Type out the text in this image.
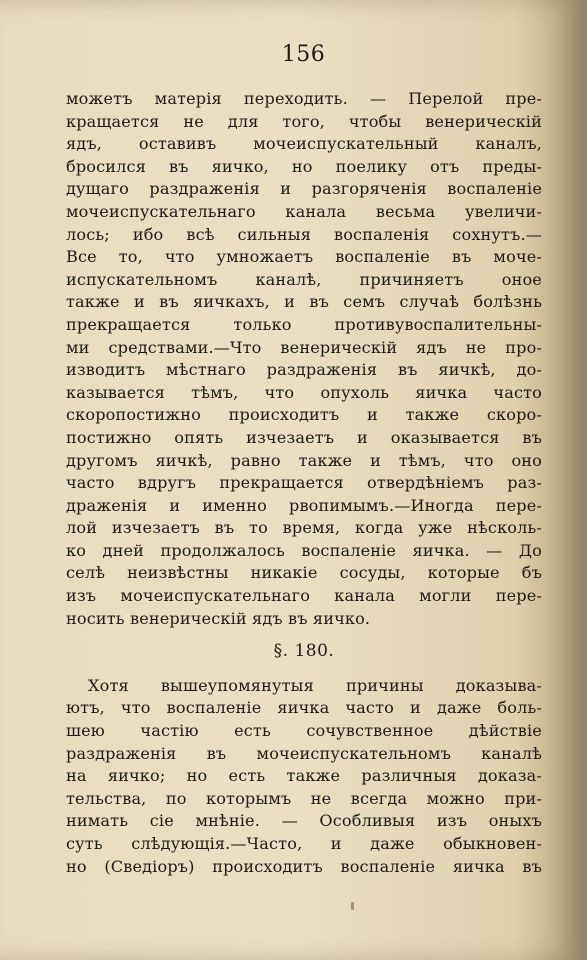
156
можетъ матерія переходить. — Перелой пре-
кращается не для того, чтобы венерическій
ядъ, оставивъ мочеиспускательный каналъ,
бросился въ яичко, но поелику отъ преды-
дущаго раздраженія и разгоряченія воспаленіе
мочеиспускательнаго канала весьма увеличи-
лось; ибо всѣ сильныя воспаленія сохнутъ.—
Все то, что умножаетъ воспаленіе въ моче-
испускательномъ каналѣ, причиняетъ оное
также и въ яичкахъ, и въ семъ случаѣ болѣзнь
прекращается только противувоспалительны-
ми средствами.—Что венерическій ядъ не про-
изводитъ мѣстнаго раздраженія въ яичкѣ, до-
казывается тѣмъ, что опухоль яичка часто
скоропостижно происходитъ и также скоро-
постижно опять изчезаетъ и оказывается въ
другомъ яичкѣ, равно также и тѣмъ, что оно
часто вдругъ прекращается отвердѣніемъ раз-
драженія и именно рвопимымъ.—Иногда пере-
лой изчезаетъ въ то время, когда уже нѣсколь-
ко дней продолжалось воспаленіе яичка. — До
селѣ неизвѣстны никакіе сосуды, которые бъ
изъ мочеиспускательнаго канала могли пере-
носить венерическій ядъ въ яичко.
§. 180.
Хотя вышеупомянутыя причины доказыва-
ютъ, что воспаленіе яичка часто и даже боль-
шею частію есть сочувственное дѣйствіе
раздраженія въ мочеиспускательномъ каналѣ
на яичко; но есть также различныя доказа-
тельства, по которымъ не всегда можно при-
нимать сіе мнѣніе. — Особливыя изъ оныхъ
суть слѣдующія.—Часто, и даже обыкновен-
но (Сведіоръ) происходитъ воспаленіе яичка въ
